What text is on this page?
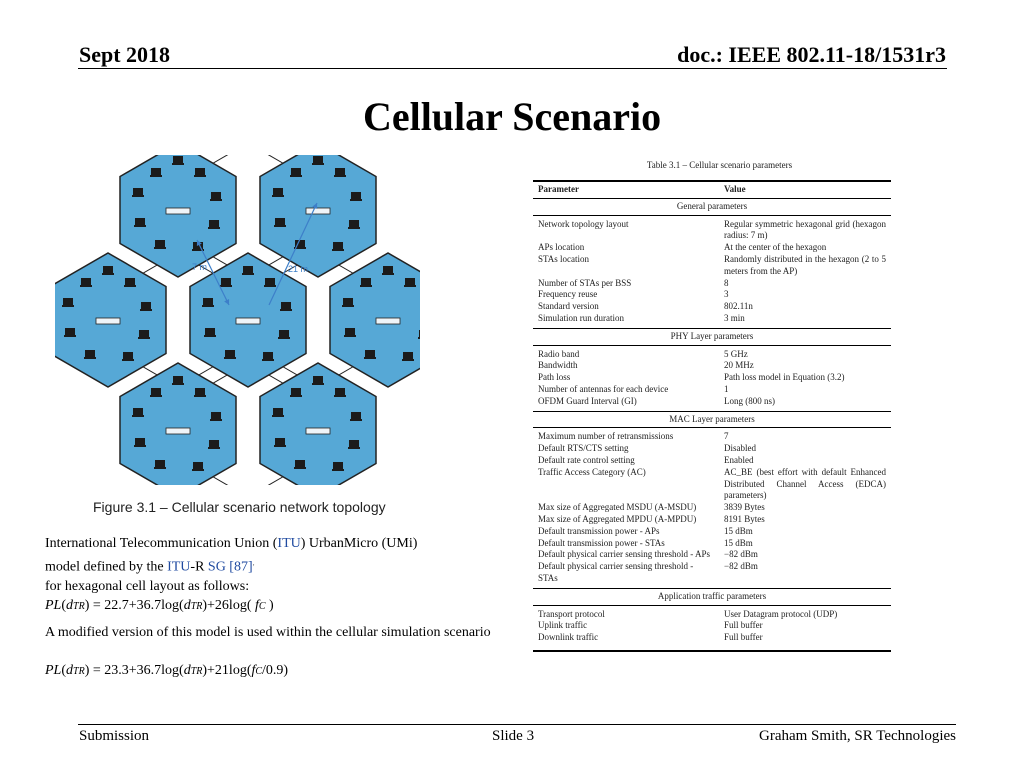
Sept 2018	doc.: IEEE 802.11-18/1531r3
Cellular Scenario
7 m	21 m
Figure 3.1 – Cellular scenario network topology
International Telecommunication Union (ITU) UrbanMicro (UMi)
model defined by the ITU-R SG [87],
for hexagonal cell layout as follows:
PL(dTR) = 22.7+36.7log(dTR)+26log( fC )
A modified version of this model is used within the cellular simulation scenario
PL(dTR) = 23.3+36.7log(dTR)+21log(fC/0.9)
Table 3.1 – Cellular scenario parameters
Parameter	Value
General parameters	

Network topology layout	Regular symmetric hexagonal grid (hexagon radius: 7 m)
APs location	At the center of the hexagon
STAs location	Randomly distributed in the hexagon (2 to 5 meters from the AP)
Number of STAs per BSS	8
Frequency reuse	3
Standard version	802.11n
Simulation run duration	3 min

PHY Layer parameters	

Radio band	5 GHz
Bandwidth	20 MHz
Path loss	Path loss model in Equation (3.2)
Number of antennas for each device	1
OFDM Guard Interval (GI)	Long (800 ns)

MAC Layer parameters	

Maximum number of retransmissions	7
Default RTS/CTS setting	Disabled
Default rate control setting	Enabled
Traffic Access Category (AC)	AC_BE (best effort with default Enhanced Distributed Channel Access (EDCA) parameters)
Max size of Aggregated MSDU (A-MSDU)	3839 Bytes
Max size of Aggregated MPDU (A-MPDU)	8191 Bytes
Default transmission power - APs	15 dBm
Default transmission power - STAs	15 dBm
Default physical carrier sensing threshold - APs	−82 dBm
Default physical carrier sensing threshold - STAs	−82 dBm

Application traffic parameters	

Transport protocol	User Datagram protocol (UDP)
Uplink traffic	Full buffer
Downlink traffic	Full buffer

Submission	Slide 3	Graham Smith, SR Technologies
